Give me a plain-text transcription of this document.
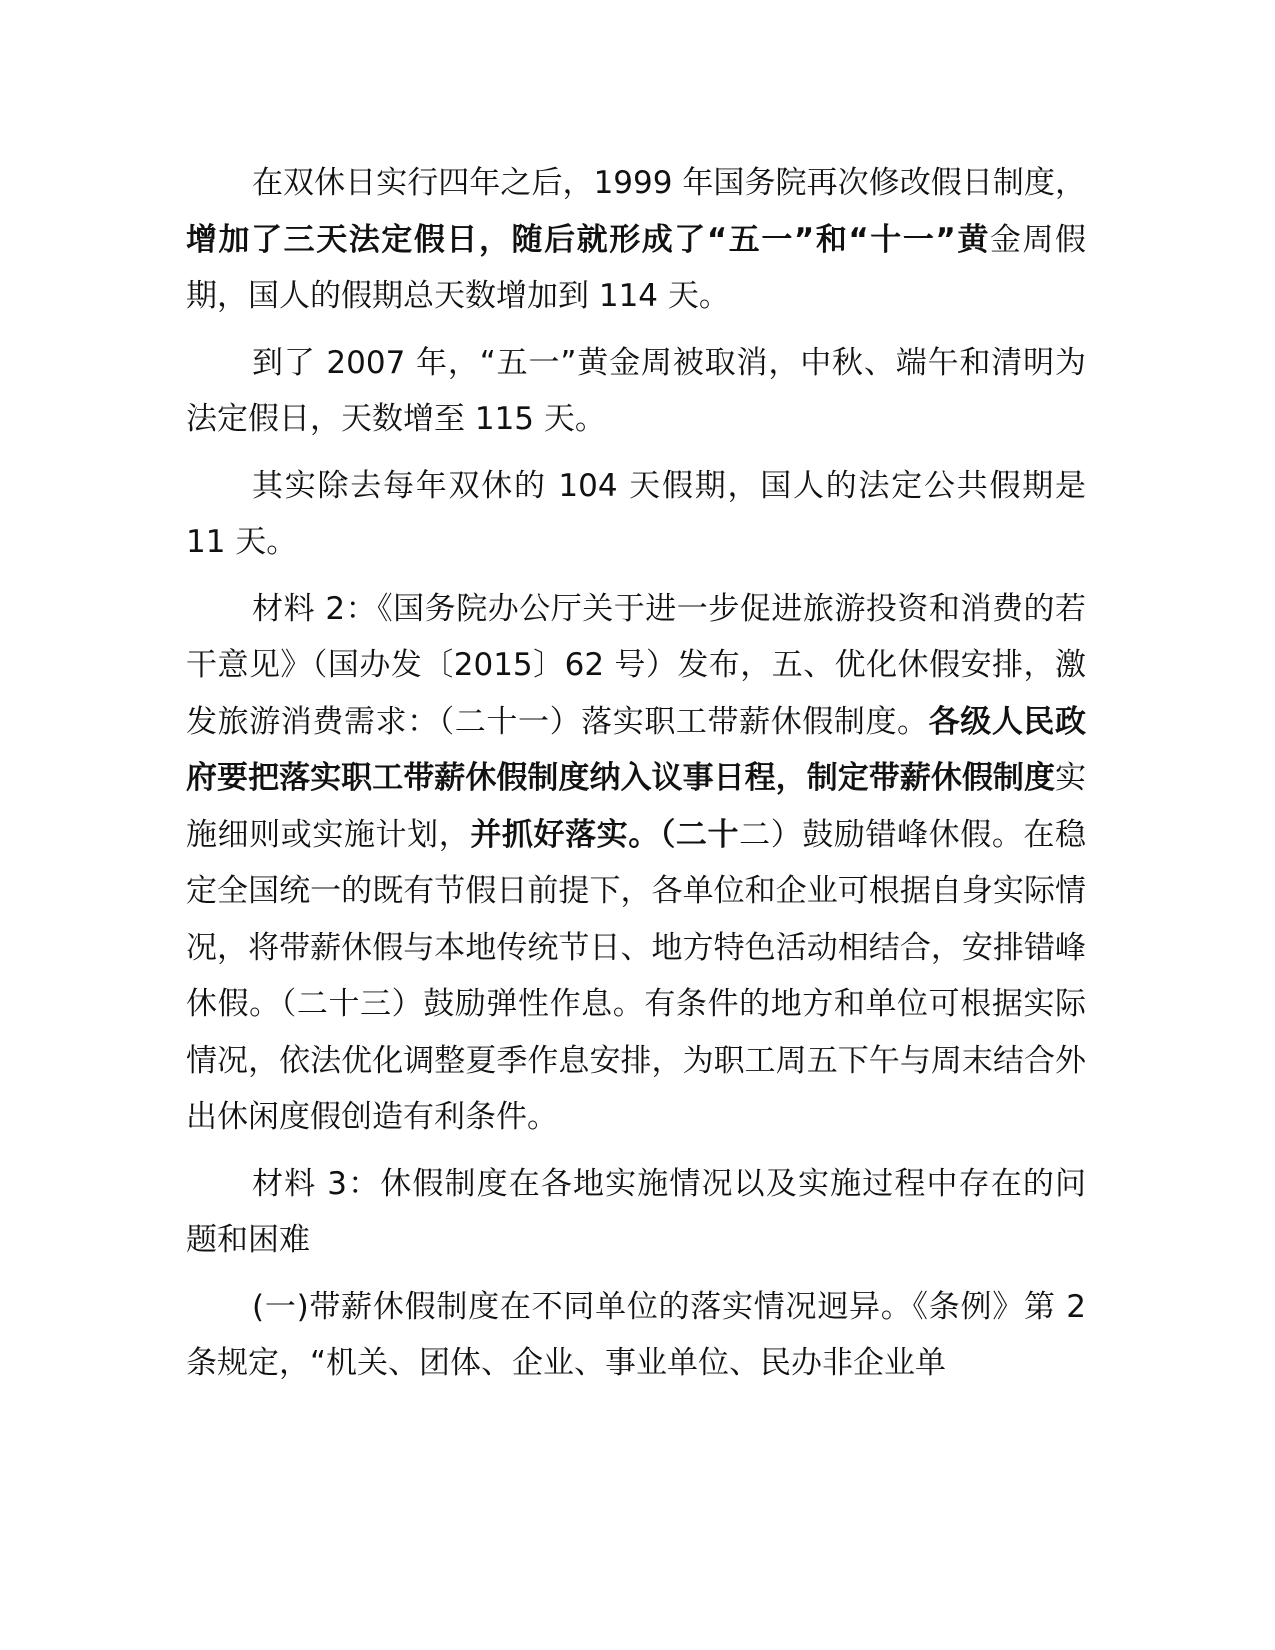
在双休日实行四年之后，1999 年国务院再次修改假日制度，增加了三天法定假日，随后就形成了“五一”和“十一”黄金周假期，国人的假期总天数增加到 114 天。

到了 2007 年，“五一”黄金周被取消，中秋、端午和清明为法定假日，天数增至 115 天。

其实除去每年双休的 104 天假期，国人的法定公共假期是 11 天。

材料 2：《国务院办公厅关于进一步促进旅游投资和消费的若干意见》（国办发〔2015〕62 号）发布，五、优化休假安排，激发旅游消费需求：（二十一）落实职工带薪休假制度。各级人民政府要把落实职工带薪休假制度纳入议事日程，制定带薪休假制度实施细则或实施计划，并抓好落实。（二十二）鼓励错峰休假。在稳定全国统一的既有节假日前提下，各单位和企业可根据自身实际情况，将带薪休假与本地传统节日、地方特色活动相结合，安排错峰休假。（二十三）鼓励弹性作息。有条件的地方和单位可根据实际情况，依法优化调整夏季作息安排，为职工周五下午与周末结合外出休闲度假创造有利条件。

材料 3：休假制度在各地实施情况以及实施过程中存在的问题和困难

(一)带薪休假制度在不同单位的落实情况迥异。《条例》第 2 条规定，“机关、团体、企业、事业单位、民办非企业单
